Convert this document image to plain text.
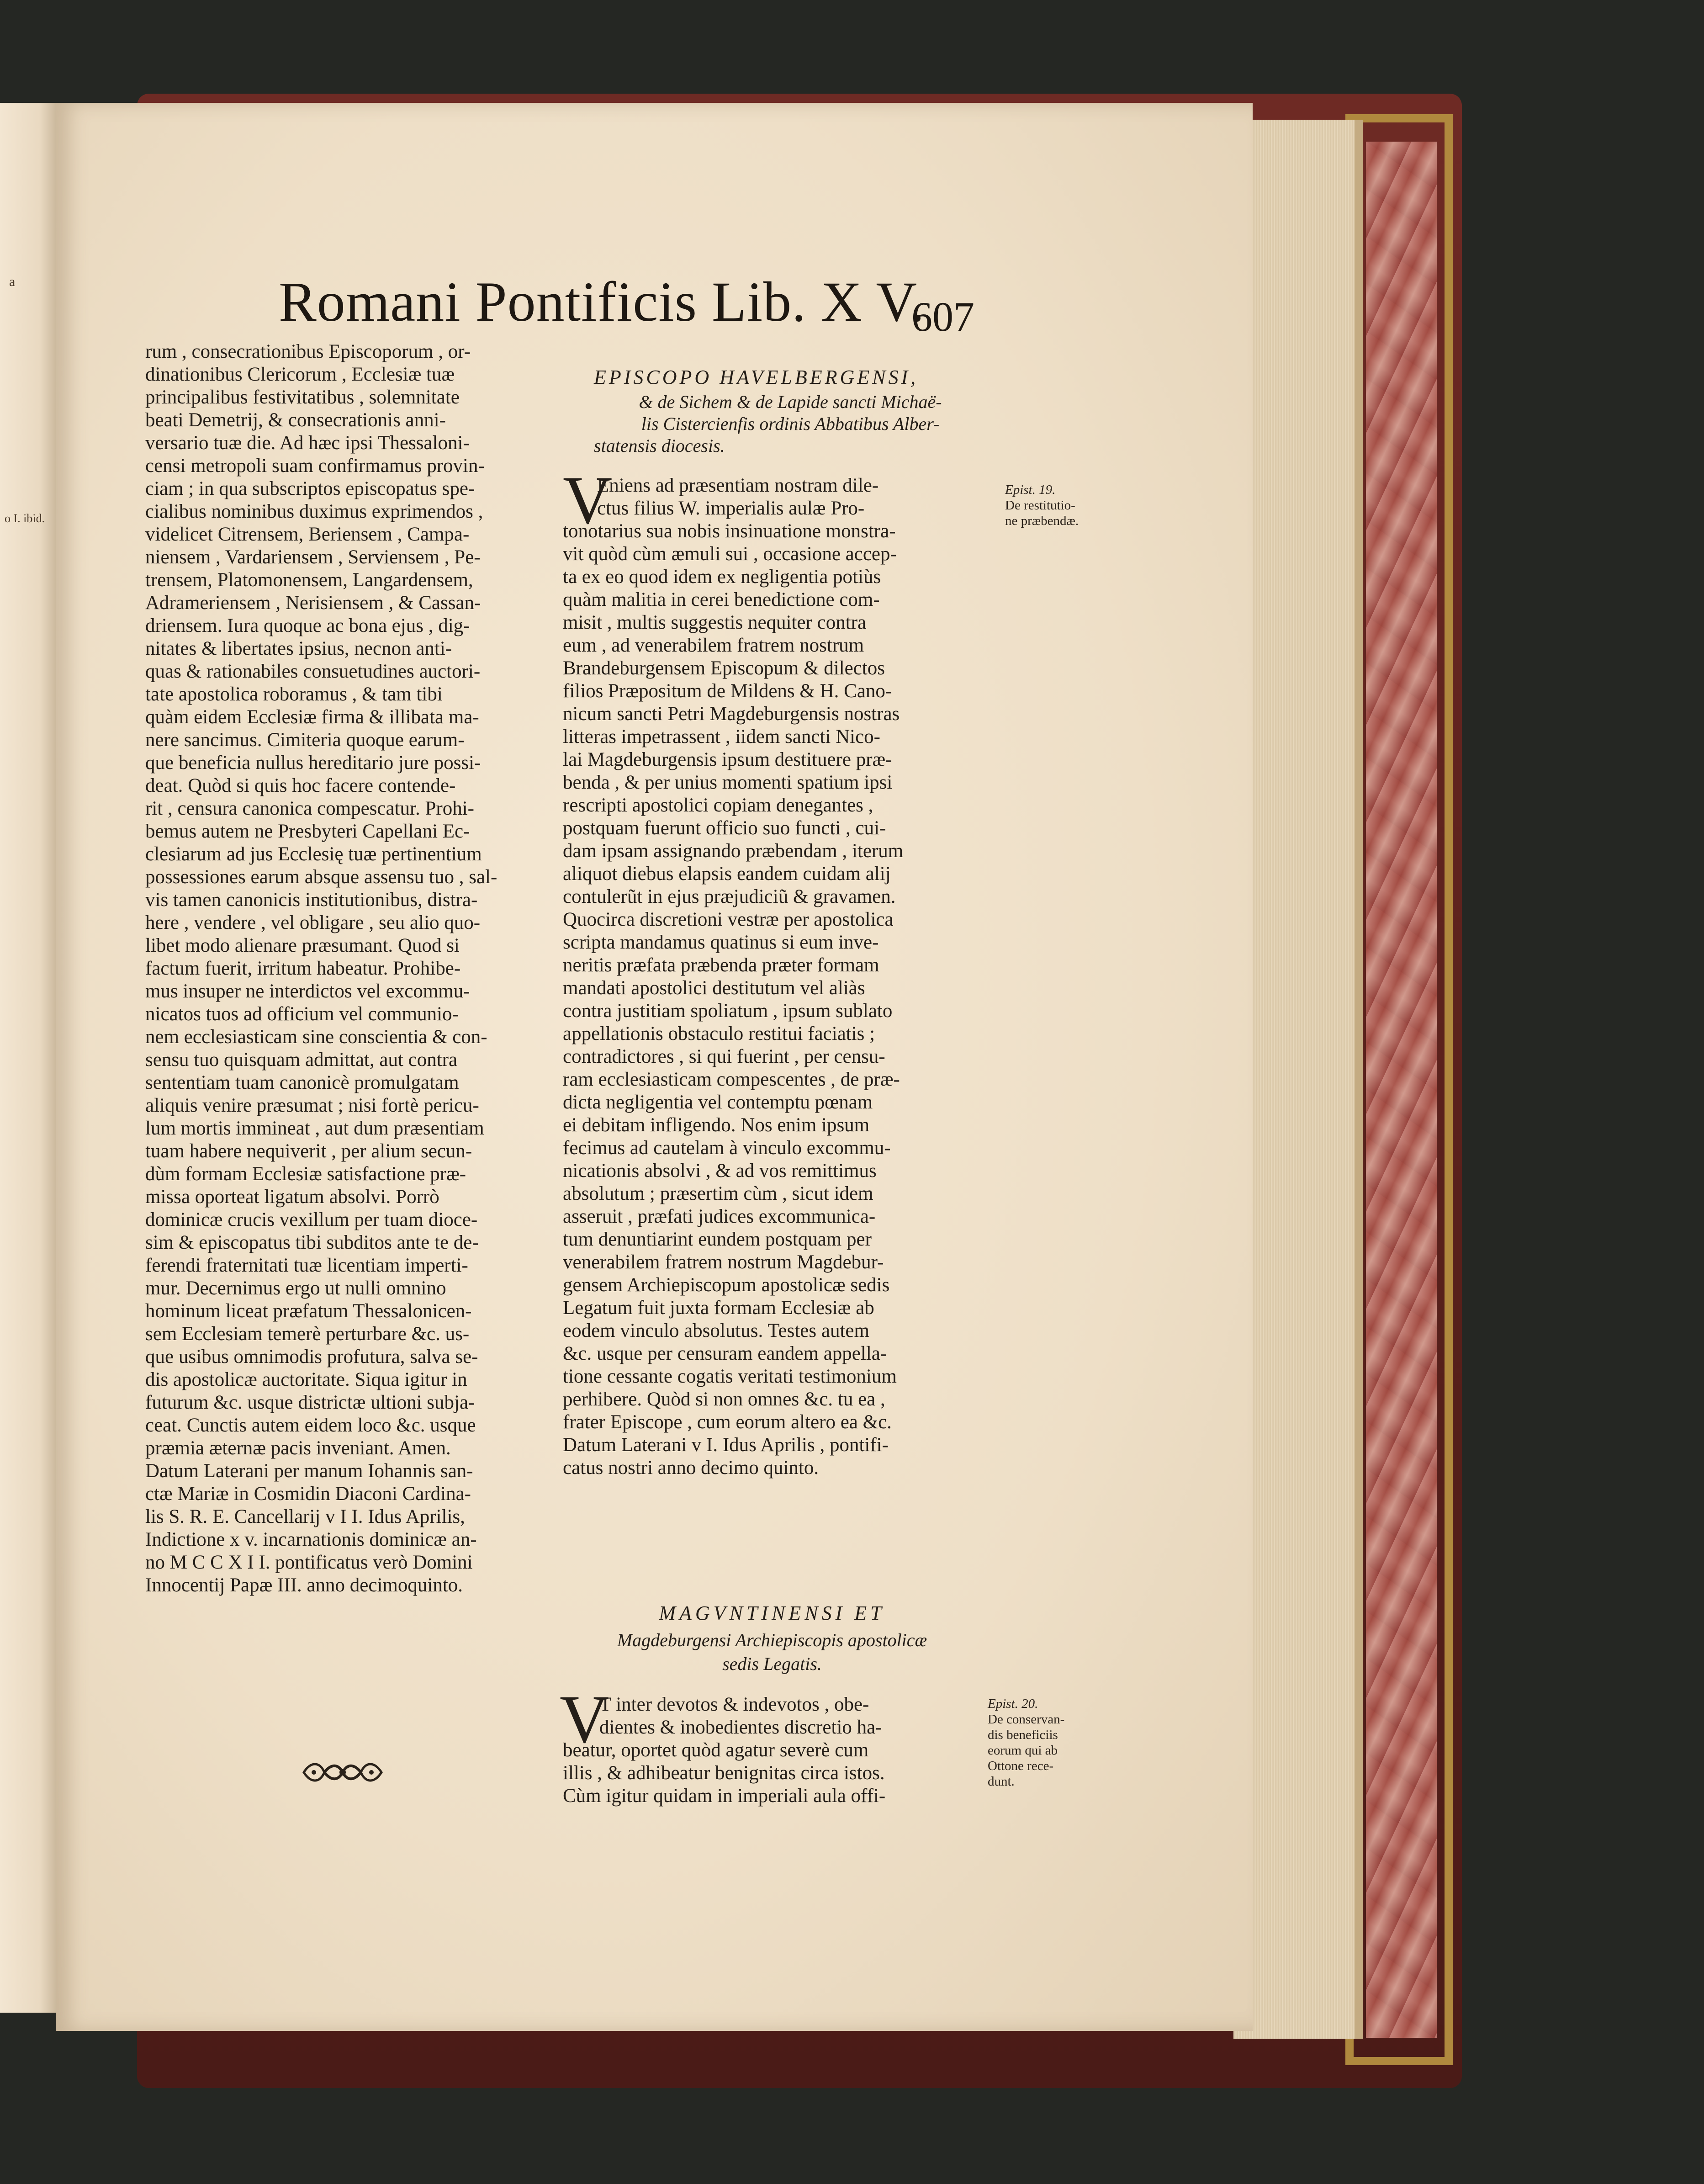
a
o I. ibid.
Romani Pontificis Lib. X V.
607
rum , consecrationibus Episcoporum , or-
dinationibus Clericorum , Ecclesiæ tuæ
principalibus festivitatibus , solemnitate
beati Demetrij, & consecrationis anni-
versario tuæ die. Ad hæc ipsi Thessaloni-
censi metropoli suam confirmamus provin-
ciam ; in qua subscriptos episcopatus spe-
cialibus nominibus duximus exprimendos ,
videlicet Citrensem, Beriensem , Campa-
niensem , Vardariensem , Serviensem , Pe-
trensem, Platomonensem, Langardensem,
Adrameriensem , Nerisiensem , & Cassan-
driensem. Iura quoque ac bona ejus , dig-
nitates & libertates ipsius, necnon anti-
quas & rationabiles consuetudines auctori-
tate apostolica roboramus , & tam tibi
quàm eidem Ecclesiæ firma & illibata ma-
nere sancimus. Cimiteria quoque earum-
que beneficia nullus hereditario jure possi-
deat. Quòd si quis hoc facere contende-
rit , censura canonica compescatur. Prohi-
bemus autem ne Presbyteri Capellani Ec-
clesiarum ad jus Ecclesię tuæ pertinentium
possessiones earum absque assensu tuo , sal-
vis tamen canonicis institutionibus, distra-
here , vendere , vel obligare , seu alio quo-
libet modo alienare præsumant. Quod si
factum fuerit, irritum habeatur. Prohibe-
mus insuper ne interdictos vel excommu-
nicatos tuos ad officium vel communio-
nem ecclesiasticam sine conscientia & con-
sensu tuo quisquam admittat, aut contra
sententiam tuam canonicè promulgatam
aliquis venire præsumat ; nisi fortè pericu-
lum mortis immineat , aut dum præsentiam
tuam habere nequiverit , per alium secun-
dùm formam Ecclesiæ satisfactione præ-
missa oporteat ligatum absolvi. Porrò
dominicæ crucis vexillum per tuam dioce-
sim & episcopatus tibi subditos ante te de-
ferendi fraternitati tuæ licentiam imperti-
mur. Decernimus ergo ut nulli omnino
hominum liceat præfatum Thessalonicen-
sem Ecclesiam temerè perturbare &c. us-
que usibus omnimodis profutura, salva se-
dis apostolicæ auctoritate. Siqua igitur in
futurum &c. usque districtæ ultioni subja-
ceat. Cunctis autem eidem loco &c. usque
præmia æternæ pacis inveniant. Amen.
Datum Laterani per manum Iohannis san-
ctæ Mariæ in Cosmidin Diaconi Cardina-
lis S. R. E. Cancellarij v I I. Idus Aprilis,
Indictione x v. incarnationis dominicæ an-
no M C C X I I. pontificatus verò Domini
Innocentij Papæ III. anno decimoquinto.
EPISCOPO HAVELBERGENSI,
& de Sichem & de Lapide sancti Michaë-
lis Cistercienfis ordinis Abbatibus Alber-
statensis diocesis.
V
Eniens ad præsentiam nostram dile-
ctus filius W. imperialis aulæ Pro-
tonotarius sua nobis insinuatione monstra-
vit quòd cùm æmuli sui , occasione accep-
ta ex eo quod idem ex negligentia potiùs
quàm malitia in cerei benedictione com-
misit , multis suggestis nequiter contra
eum , ad venerabilem fratrem nostrum
Brandeburgensem Episcopum & dilectos
filios Præpositum de Mildens & H. Cano-
nicum sancti Petri Magdeburgensis nostras
litteras impetrassent , iidem sancti Nico-
lai Magdeburgensis ipsum destituere præ-
benda , & per unius momenti spatium ipsi
rescripti apostolici copiam denegantes ,
postquam fuerunt officio suo functi , cui-
dam ipsam assignando præbendam , iterum
aliquot diebus elapsis eandem cuidam alij
contulerũt in ejus præjudiciũ & gravamen.
Quocirca discretioni vestræ per apostolica
scripta mandamus quatinus si eum inve-
neritis præfata præbenda præter formam
mandati apostolici destitutum vel aliàs
contra justitiam spoliatum , ipsum sublato
appellationis obstaculo restitui faciatis ;
contradictores , si qui fuerint , per censu-
ram ecclesiasticam compescentes , de præ-
dicta negligentia vel contemptu pœnam
ei debitam infligendo. Nos enim ipsum
fecimus ad cautelam à vinculo excommu-
nicationis absolvi , & ad vos remittimus
absolutum ; præsertim cùm , sicut idem
asseruit , præfati judices excommunica-
tum denuntiarint eundem postquam per
venerabilem fratrem nostrum Magdebur-
gensem Archiepiscopum apostolicæ sedis
Legatum fuit juxta formam Ecclesiæ ab
eodem vinculo absolutus. Testes autem
&c. usque per censuram eandem appella-
tione cessante cogatis veritati testimonium
perhibere. Quòd si non omnes &c. tu ea ,
frater Episcope , cum eorum altero ea &c.
Datum Laterani v I. Idus Aprilis , pontifi-
catus nostri anno decimo quinto.
Epist. 19.
De restitutio-
ne præbendæ.
MAGVNTINENSI ET
Magdeburgensi Archiepiscopis apostolicæ
sedis Legatis.
V
T inter devotos & indevotos , obe-
dientes & inobedientes discretio ha-
beatur, oportet quòd agatur severè cum
illis , & adhibeatur benignitas circa istos.
Cùm igitur quidam in imperiali aula offi-
Epist. 20.
De conservan-
dis beneficiis
eorum qui ab
Ottone rece-
dunt.
